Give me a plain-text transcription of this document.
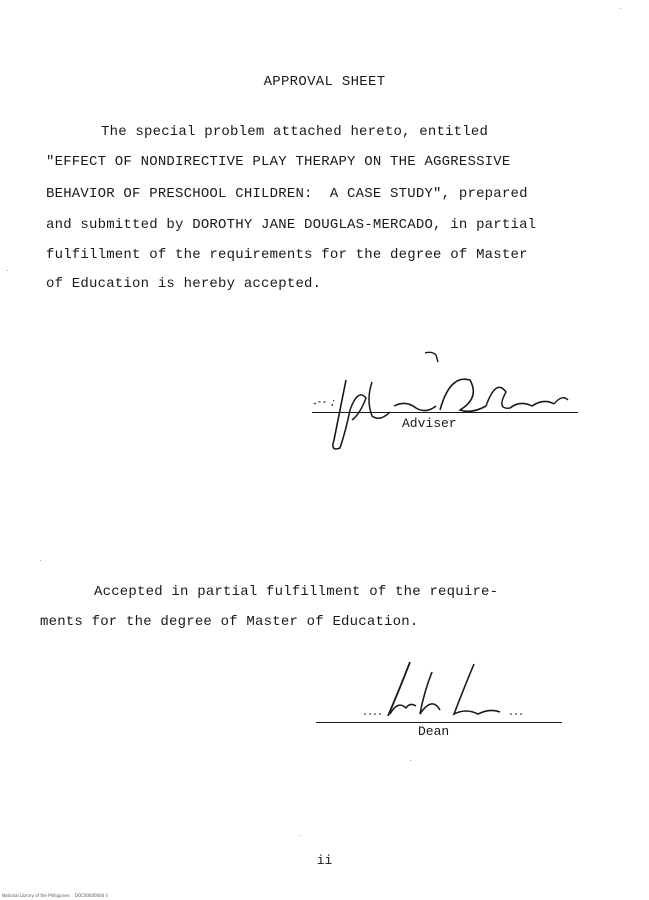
APPROVAL SHEET
The special problem attached hereto, entitled
"EFFECT OF NONDIRECTIVE PLAY THERAPY ON THE AGGRESSIVE
BEHAVIOR OF PRESCHOOL CHILDREN:  A CASE STUDY", prepared
and submitted by DOROTHY JANE DOUGLAS-MERCADO, in partial
fulfillment of the requirements for the degree of Master
of Education is hereby accepted.
Adviser
Accepted in partial fulfillment of the require-
ments for the degree of Master of Education.
Dean
ii
National Library of the Philippines    DOC00000000 ii
